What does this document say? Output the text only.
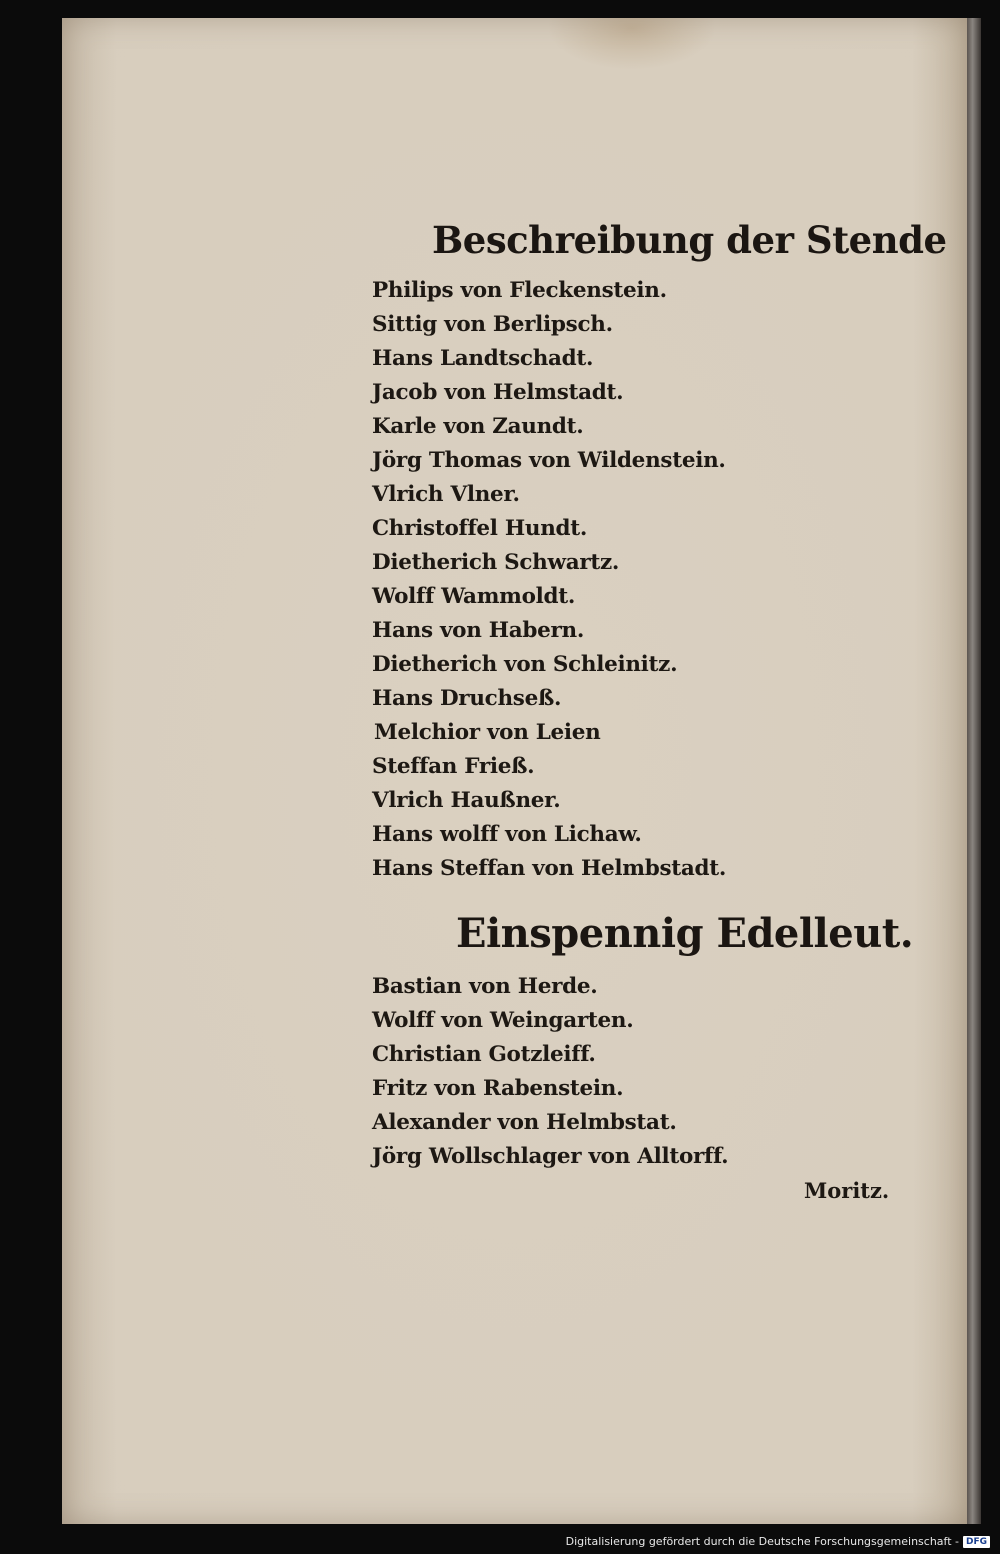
Beschreibung der Stende
Philips von Fleckenstein.
Sittig von Berlipsch.
Hans Landtschadt.
Jacob von Helmstadt.
Karle von Zaundt.
Jörg Thomas von Wildenstein.
Vlrich Vlner.
Christoffel Hundt.
Dietherich Schwartz.
Wolff Wammoldt.
Hans von Habern.
Dietherich von Schleinitz.
Hans Druchseß.
Melchior von Leien
Steffan Frieß.
Vlrich Haußner.
Hans wolff von Lichaw.
Hans Steffan von Helmbstadt.
Einspennig Edelleut.
Bastian von Herde.
Wolff von Weingarten.
Christian Gotzleiff.
Fritz von Rabenstein.
Alexander von Helmbstat.
Jörg Wollschlager von Alltorff.
Moritz.
Digitalisierung gefördert durch die Deutsche Forschungsgemeinschaft - DFG
